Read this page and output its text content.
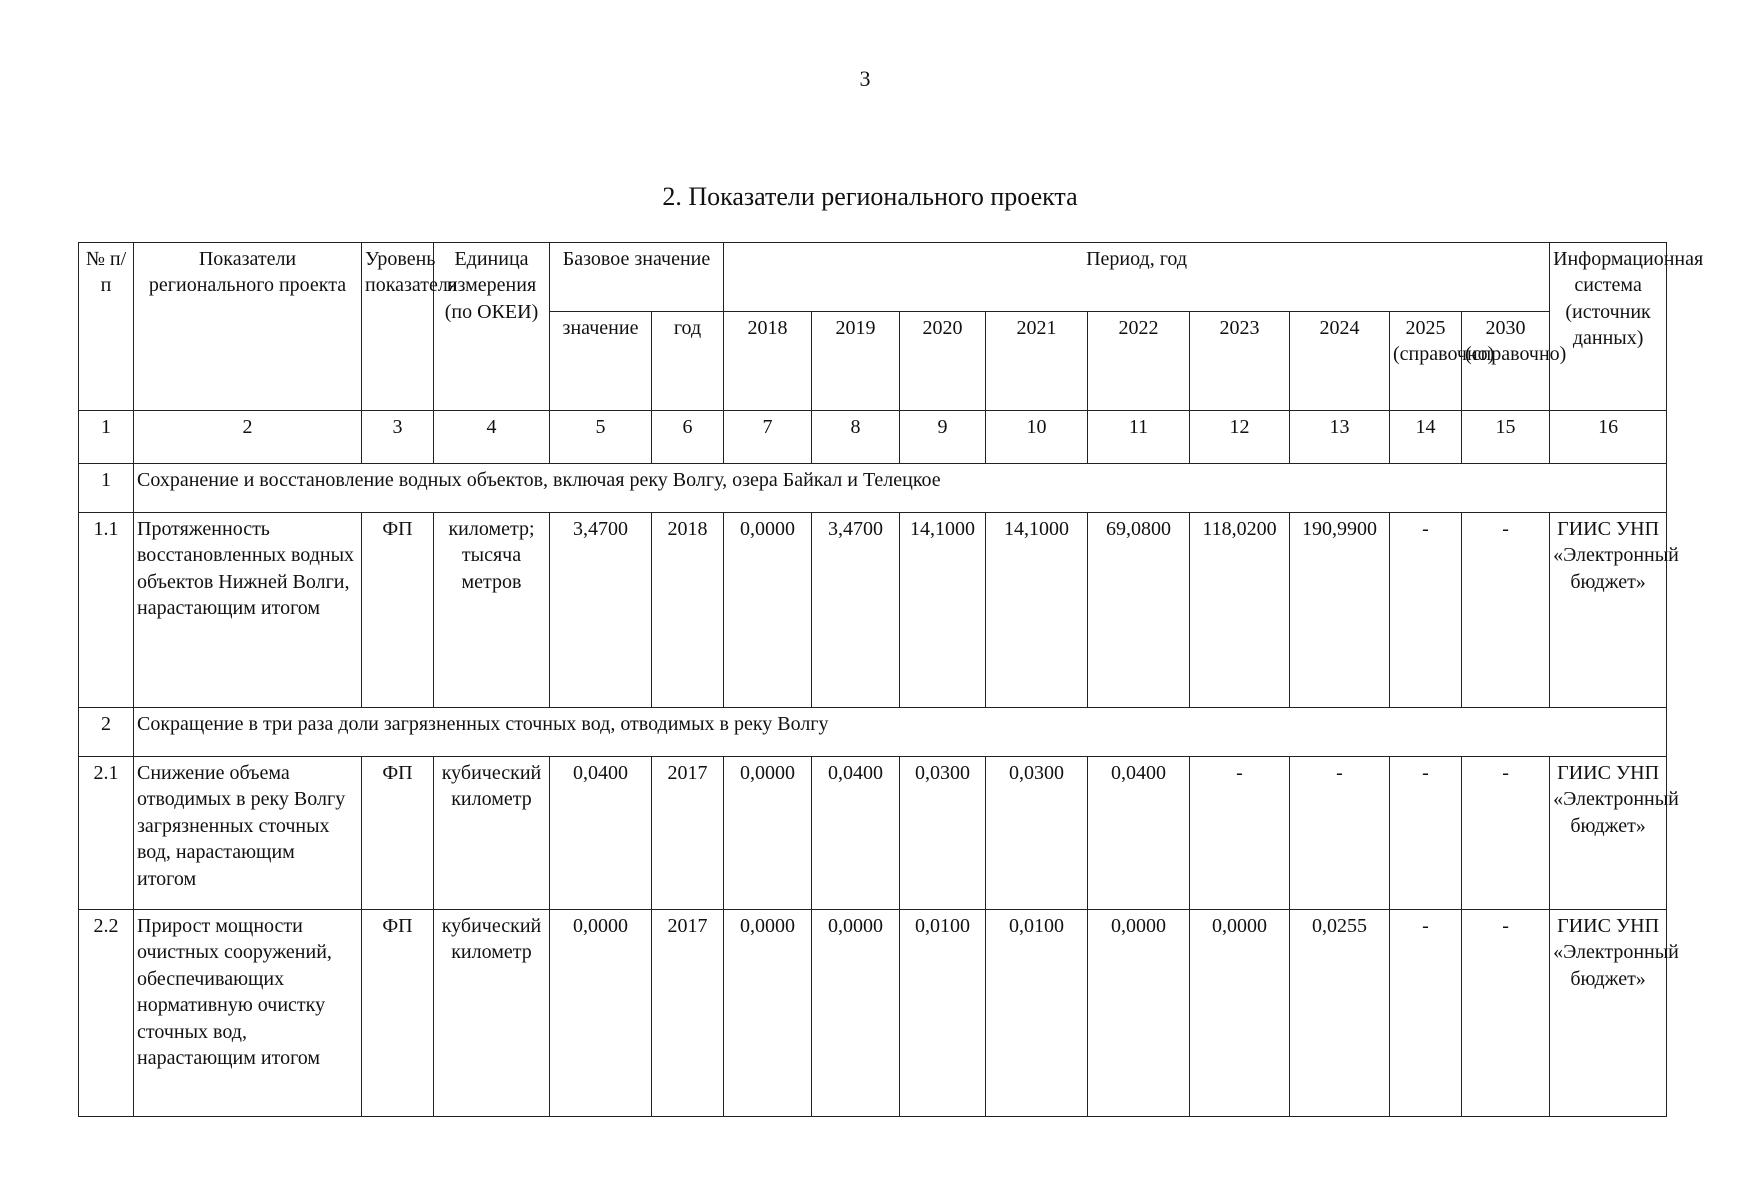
3
2. Показатели регионального проекта
№ п/п	Показатели регионального проекта	Уровень показателя	Единица измерения (по ОКЕИ)	Базовое значение		Период, год									Информационная система (источник данных)
				значение	год	2018	2019	2020	2021	2022	2023	2024	2025 (справочно)	2030 (справочно)	
1	2	3	4	5	6	7	8	9	10	11	12	13	14	15	16
1	Сохранение и восстановление водных объектов, включая реку Волгу, озера Байкал и Телецкое														
1.1	Протяженность восстановленных водных объектов Нижней Волги, нарастающим итогом	ФП	километр; тысяча метров	3,4700	2018	0,0000	3,4700	14,1000	14,1000	69,0800	118,0200	190,9900	-	-	ГИИС УНП «Электронный бюджет»
2	Сокращение в три раза доли загрязненных сточных вод, отводимых в реку Волгу														
2.1	Снижение объема отводимых в реку Волгу загрязненных сточных вод, нарастающим итогом	ФП	кубический километр	0,0400	2017	0,0000	0,0400	0,0300	0,0300	0,0400	-	-	-	-	ГИИС УНП «Электронный бюджет»
2.2	Прирост мощности очистных сооружений, обеспечивающих нормативную очистку сточных вод, нарастающим итогом	ФП	кубический километр	0,0000	2017	0,0000	0,0000	0,0100	0,0100	0,0000	0,0000	0,0255	-	-	ГИИС УНП «Электронный бюджет»
